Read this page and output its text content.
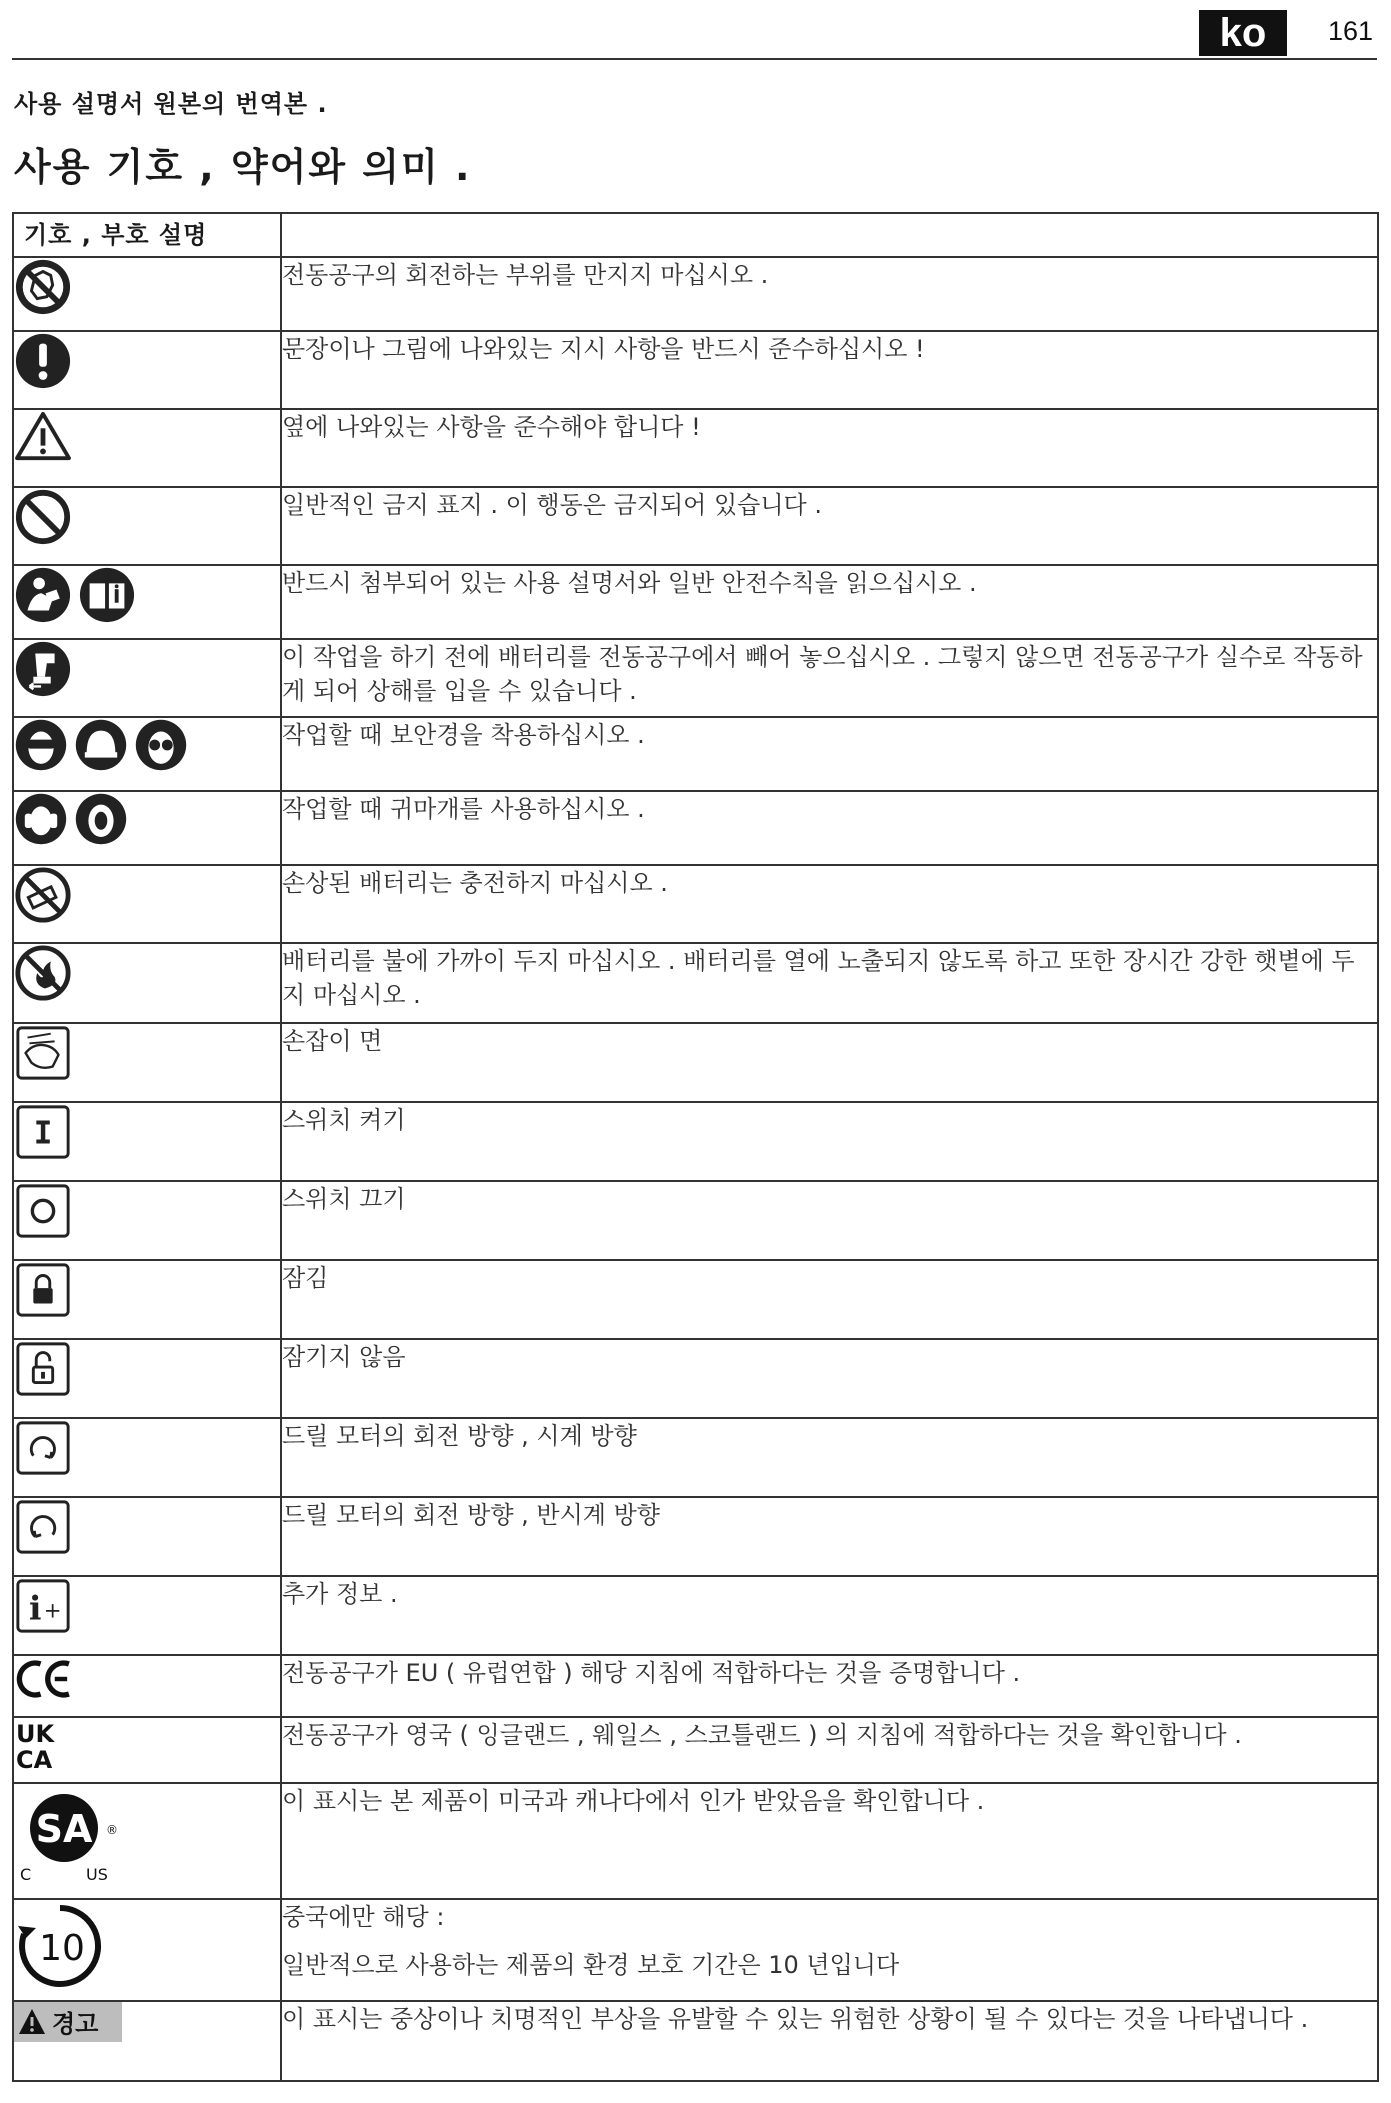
ko	161
사용 설명서 원본의 번역본 .
사용 기호 , 약어와 의미 .
기호 , 부호 설명	

	전동공구의 회전하는 부위를 만지지 마십시오 .

	문장이나 그림에 나와있는 지시 사항을 반드시 준수하십시오 !

	옆에 나와있는 사항을 준수해야 합니다 !

	일반적인 금지 표지 . 이 행동은 금지되어 있습니다 .

	반드시 첨부되어 있는 사용 설명서와 일반 안전수칙을 읽으십시오 .

	이 작업을 하기 전에 배터리를 전동공구에서 빼어 놓으십시오 . 그렇지 않으면 전동공구가 실수로 작동하게 되어 상해를 입을 수 있습니다 .

	작업할 때 보안경을 착용하십시오 .

	작업할 때 귀마개를 사용하십시오 .

	손상된 배터리는 충전하지 마십시오 .

	배터리를 불에 가까이 두지 마십시오 . 배터리를 열에 노출되지 않도록 하고 또한 장시간 강한 햇볕에 두지 마십시오 .

	손잡이 면

I	스위치 켜기

	스위치 끄기

	잠김

	잠기지 않음

	드릴 모터의 회전 방향 , 시계 방향

	드릴 모터의 회전 방향 , 반시계 방향

i +	추가 정보 .

	전동공구가 EU ( 유럽연합 ) 해당 지침에 적합하다는 것을 증명합니다 .

UK
CA	전동공구가 영국 ( 잉글랜드 , 웨일스 , 스코틀랜드 ) 의 지침에 적합하다는 것을 확인합니다 .

SA ®
C US	이 표시는 본 제품이 미국과 캐나다에서 인가 받았음을 확인합니다 .

10	중국에만 해당 :

일반적으로 사용하는 제품의 환경 보호 기간은 10 년입니다

경고	이 표시는 중상이나 치명적인 부상을 유발할 수 있는 위험한 상황이 될 수 있다는 것을 나타냅니다 .
